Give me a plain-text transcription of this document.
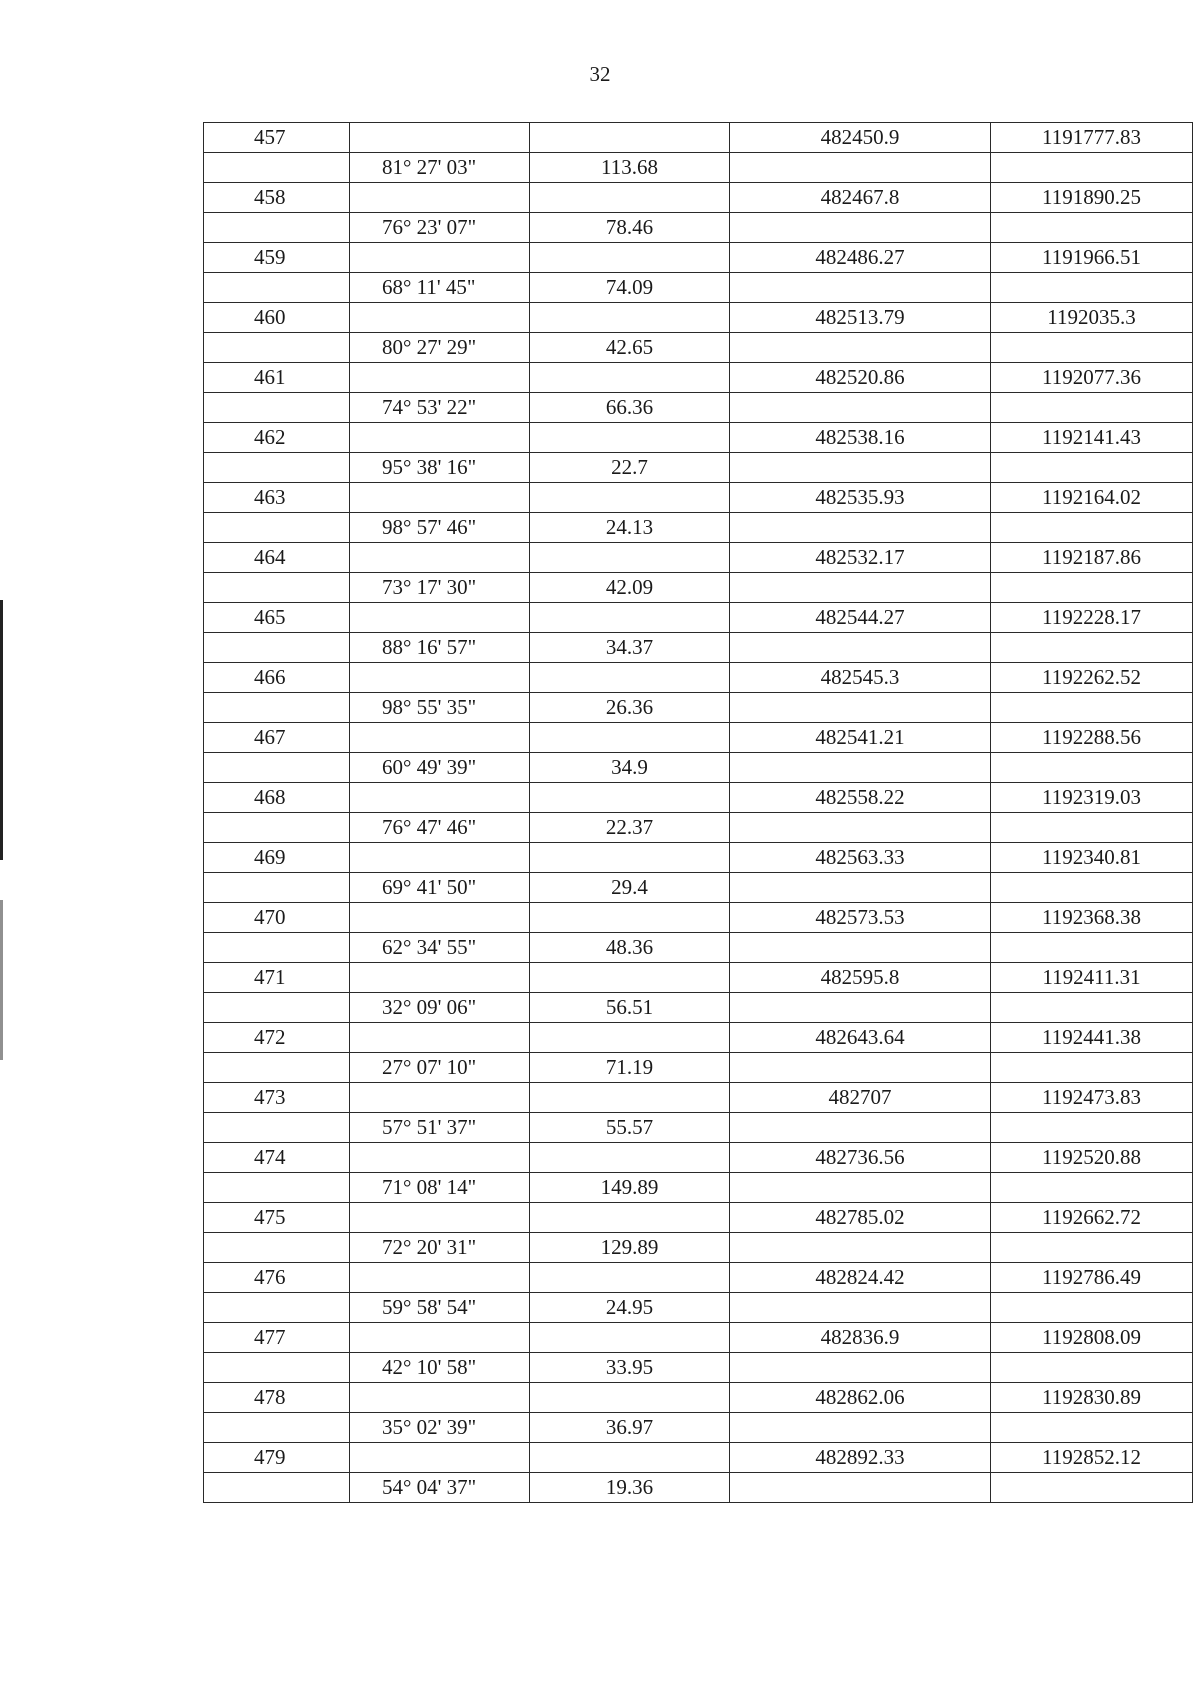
32
457			482450.9	1191777.83
	81° 27' 03"	113.68		
458			482467.8	1191890.25
	76° 23' 07"	78.46		
459			482486.27	1191966.51
	68° 11' 45"	74.09		
460			482513.79	1192035.3
	80° 27' 29"	42.65		
461			482520.86	1192077.36
	74° 53' 22"	66.36		
462			482538.16	1192141.43
	95° 38' 16"	22.7		
463			482535.93	1192164.02
	98° 57' 46"	24.13		
464			482532.17	1192187.86
	73° 17' 30"	42.09		
465			482544.27	1192228.17
	88° 16' 57"	34.37		
466			482545.3	1192262.52
	98° 55' 35"	26.36		
467			482541.21	1192288.56
	60° 49' 39"	34.9		
468			482558.22	1192319.03
	76° 47' 46"	22.37		
469			482563.33	1192340.81
	69° 41' 50"	29.4		
470			482573.53	1192368.38
	62° 34' 55"	48.36		
471			482595.8	1192411.31
	32° 09' 06"	56.51		
472			482643.64	1192441.38
	27° 07' 10"	71.19		
473			482707	1192473.83
	57° 51' 37"	55.57		
474			482736.56	1192520.88
	71° 08' 14"	149.89		
475			482785.02	1192662.72
	72° 20' 31"	129.89		
476			482824.42	1192786.49
	59° 58' 54"	24.95		
477			482836.9	1192808.09
	42° 10' 58"	33.95		
478			482862.06	1192830.89
	35° 02' 39"	36.97		
479			482892.33	1192852.12
	54° 04' 37"	19.36		
